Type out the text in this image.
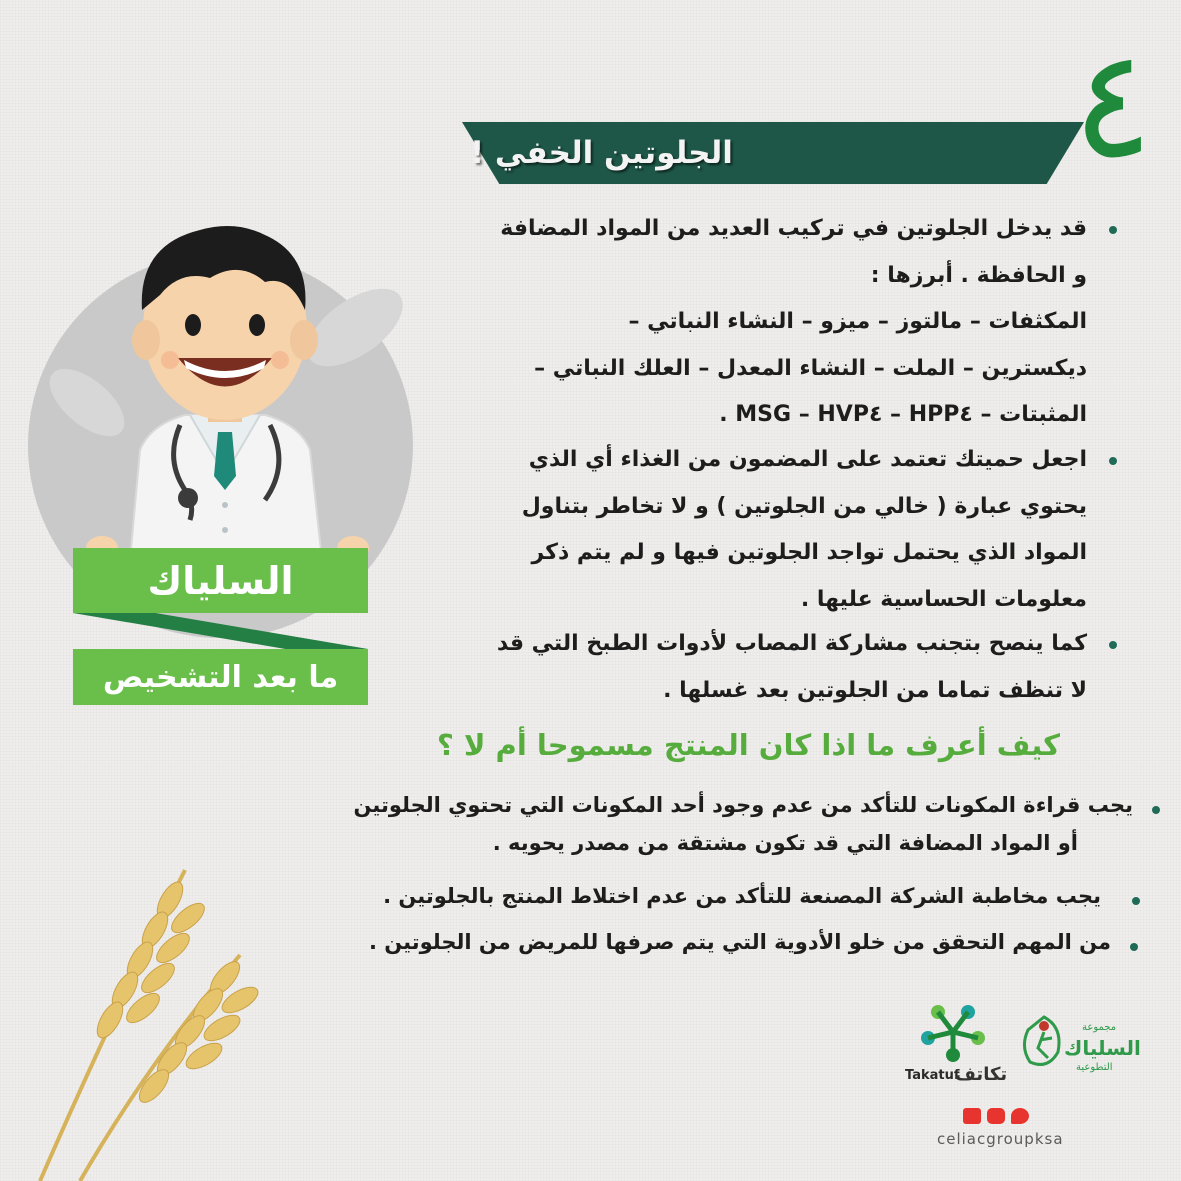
٤
الجلوتين الخفي !
السلياك
ما بعد التشخيص

قد يدخل الجلوتين في تركيب العديد من المواد المضافة

و الحافظة . أبرزها :

المكثفات – مالتوز – ميزو – النشاء النباتي –

ديكسترين – الملت – النشاء المعدل – العلك النباتي –

المثبتات – HPP٤ – MSG – HVP٤ .

اجعل حميتك تعتمد على المضمون من الغذاء أي الذي

يحتوي عبارة ( خالي من الجلوتين ) و لا تخاطر بتناول

المواد الذي يحتمل تواجد الجلوتين فيها و لم يتم ذكر

معلومات الحساسية عليها .

كما ينصح بتجنب مشاركة المصاب لأدوات الطبخ التي قد

لا تنظف تماما من الجلوتين بعد غسلها .

كيف أعرف ما اذا كان المنتج مسموحا أم لا ؟

يجب قراءة المكونات للتأكد من عدم وجود أحد المكونات التي تحتوي الجلوتين

أو المواد المضافة التي قد تكون مشتقة من مصدر يحويه .

يجب مخاطبة الشركة المصنعة للتأكد من عدم اختلاط المنتج بالجلوتين .

من المهم التحقق من خلو الأدوية التي يتم صرفها للمريض من الجلوتين .

Takatuf
تكاتف
مجموعة
السلياك
التطوعية
celiacgroupksa
